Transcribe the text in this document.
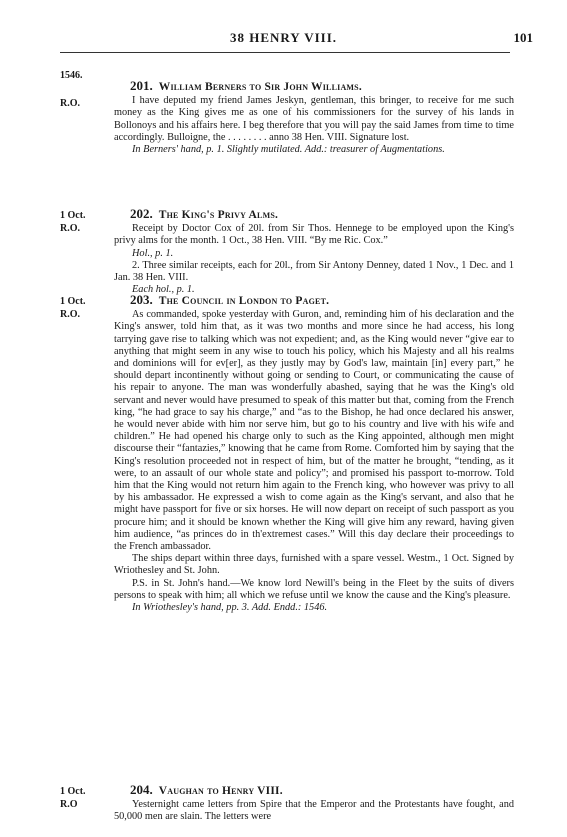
38 HENRY VIII.	101
1546.
R.O.
201. William Berners to Sir John Williams.

I have deputed my friend James Jeskyn, gentleman, this bringer, to receive for me such money as the King gives me as one of his commissioners for the survey of his lands in Bollonoys and his affairs here. I beg therefore that you will pay the said James from time to time accordingly. Bulloigne, the . . . . . . . . anno 38 Hen. VIII. Signature lost.

In Berners' hand, p. 1. Slightly mutilated. Add.: treasurer of Augmentations.

1 Oct.
R.O.
202. The King's Privy Alms.

Receipt by Doctor Cox of 20l. from Sir Thos. Hennege to be employed upon the King's privy alms for the month. 1 Oct., 38 Hen. VIII. “By me Ric. Cox.”

Hol., p. 1.

2. Three similar receipts, each for 20l., from Sir Antony Denney, dated 1 Nov., 1 Dec. and 1 Jan. 38 Hen. VIII.

Each hol., p. 1.

1 Oct.
R.O.
203. The Council in London to Paget.

As commanded, spoke yesterday with Guron, and, reminding him of his declaration and the King's answer, told him that, as it was two months and more since he had access, his long tarrying gave rise to talking which was not expedient; and, as the King would never “give ear to anything that might seem in any wise to touch his policy, which his Majesty and all his realms and dominions will for ev[er], as they justly may by God's law, maintain [in] every part,” he should depart incontinently without going or sending to Court, or communicating the cause of his repair to anyone. The man was wonderfully abashed, saying that he was the King's old servant and never would have presumed to speak of this matter but that, coming from the French king, “he had grace to say his charge,” and “as to the Bishop, he had once declared his answer, he would never abide with him nor serve him, but go to his country and live with his wife and children.” He had opened his charge only to such as the King appointed, although men might discourse their “fantazies,” knowing that he came from Rome. Comforted him by saying that the King's resolution proceeded not in respect of him, but of the matter he brought, “tending, as it were, to an assault of our whole state and policy”; and promised his passport to-morrow. Told him that the King would not return him again to the French king, who however was privy to all by his ambassador. He expressed a wish to come again as the King's servant, and also that he might have passport for five or six horses. He will now depart on receipt of such passport as you procure him; and it should be known whether the King will give him any reward, having given him audience, “as princes do in th'extremest cases.” Will this day declare their proceedings to the French ambassador.

The ships depart within three days, furnished with a spare vessel. Westm., 1 Oct. Signed by Wriothesley and St. John.

P.S. in St. John's hand.—We know lord Newill's being in the Fleet by the suits of divers persons to speak with him; all which we refuse until we know the cause and the King's pleasure.

In Wriothesley's hand, pp. 3. Add. Endd.: 1546.

1 Oct.
R.O
204. Vaughan to Henry VIII.

Yesternight came letters from Spire that the Emperor and the Protestants have fought, and 50,000 men are slain. The letters were
